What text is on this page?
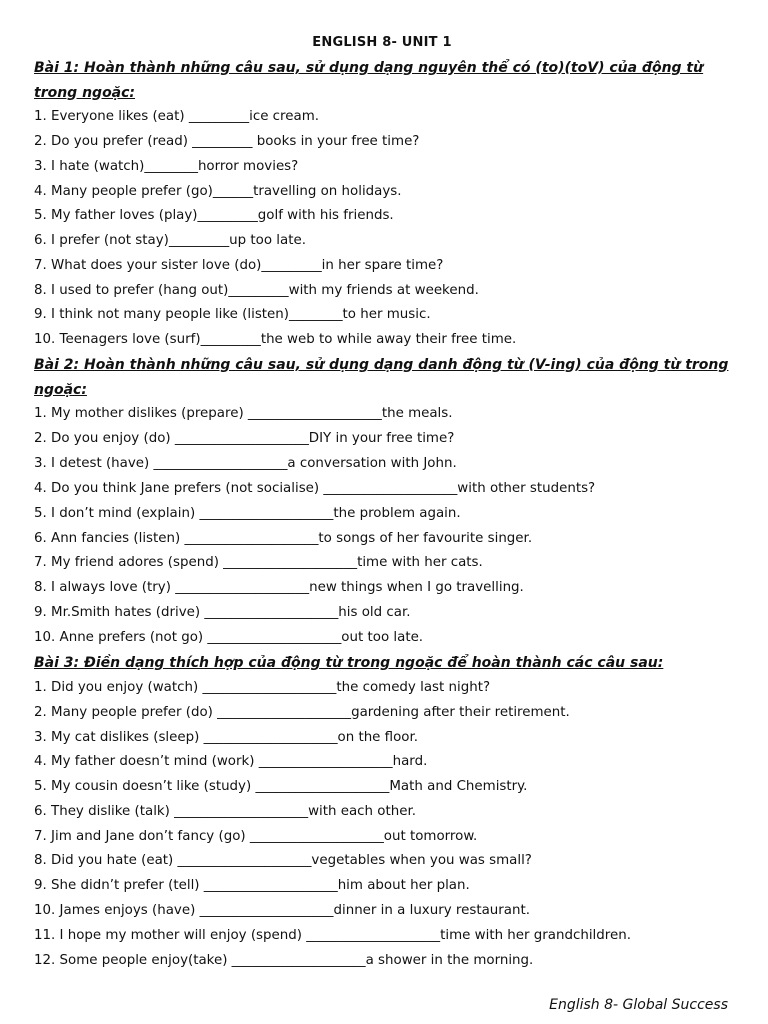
ENGLISH 8- UNIT 1
Bài 1: Hoàn thành những câu sau, sử dụng dạng nguyên thể có (to)(toV) của động từ trong ngoặc:
1. Everyone likes (eat) _________ice cream.
2. Do you prefer (read) _________ books in your free time?
3. I hate (watch)________horror movies?
4. Many people prefer (go)______travelling on holidays.
5. My father loves (play)_________golf with his friends.
6. I prefer (not stay)_________up too late.
7. What does your sister love (do)_________in her spare time?
8. I used to prefer (hang out)_________with my friends at weekend.
9. I think not many people like (listen)________to her music.
10. Teenagers love (surf)_________the web to while away their free time.
Bài 2: Hoàn thành những câu sau, sử dụng dạng danh động từ (V-ing) của động từ trong ngoặc:
1. My mother dislikes (prepare) ____________________the meals.
2. Do you enjoy (do) ____________________DIY in your free time?
3. I detest (have) ____________________a conversation with John.
4. Do you think Jane prefers (not socialise) ____________________with other students?
5. I don’t mind (explain) ____________________the problem again.
6. Ann fancies (listen) ____________________to songs of her favourite singer.
7. My friend adores (spend) ____________________time with her cats.
8. I always love (try) ____________________new things when I go travelling.
9. Mr.Smith hates (drive) ____________________his old car.
10. Anne prefers (not go) ____________________out too late.
Bài 3: Điền dạng thích hợp của động từ trong ngoặc để hoàn thành các câu sau:
1. Did you enjoy (watch) ____________________the comedy last night?
2. Many people prefer (do) ____________________gardening after their retirement.
3. My cat dislikes (sleep) ____________________on the floor.
4. My father doesn’t mind (work) ____________________hard.
5. My cousin doesn’t like (study) ____________________Math and Chemistry.
6. They dislike (talk) ____________________with each other.
7. Jim and Jane don’t fancy (go) ____________________out tomorrow.
8. Did you hate (eat) ____________________vegetables when you was small?
9. She didn’t prefer (tell) ____________________him about her plan.
10. James enjoys (have) ____________________dinner in a luxury restaurant.
11. I hope my mother will enjoy (spend) ____________________time with her grandchildren.
12. Some people enjoy(take) ____________________a shower in the morning.
English 8- Global Success
